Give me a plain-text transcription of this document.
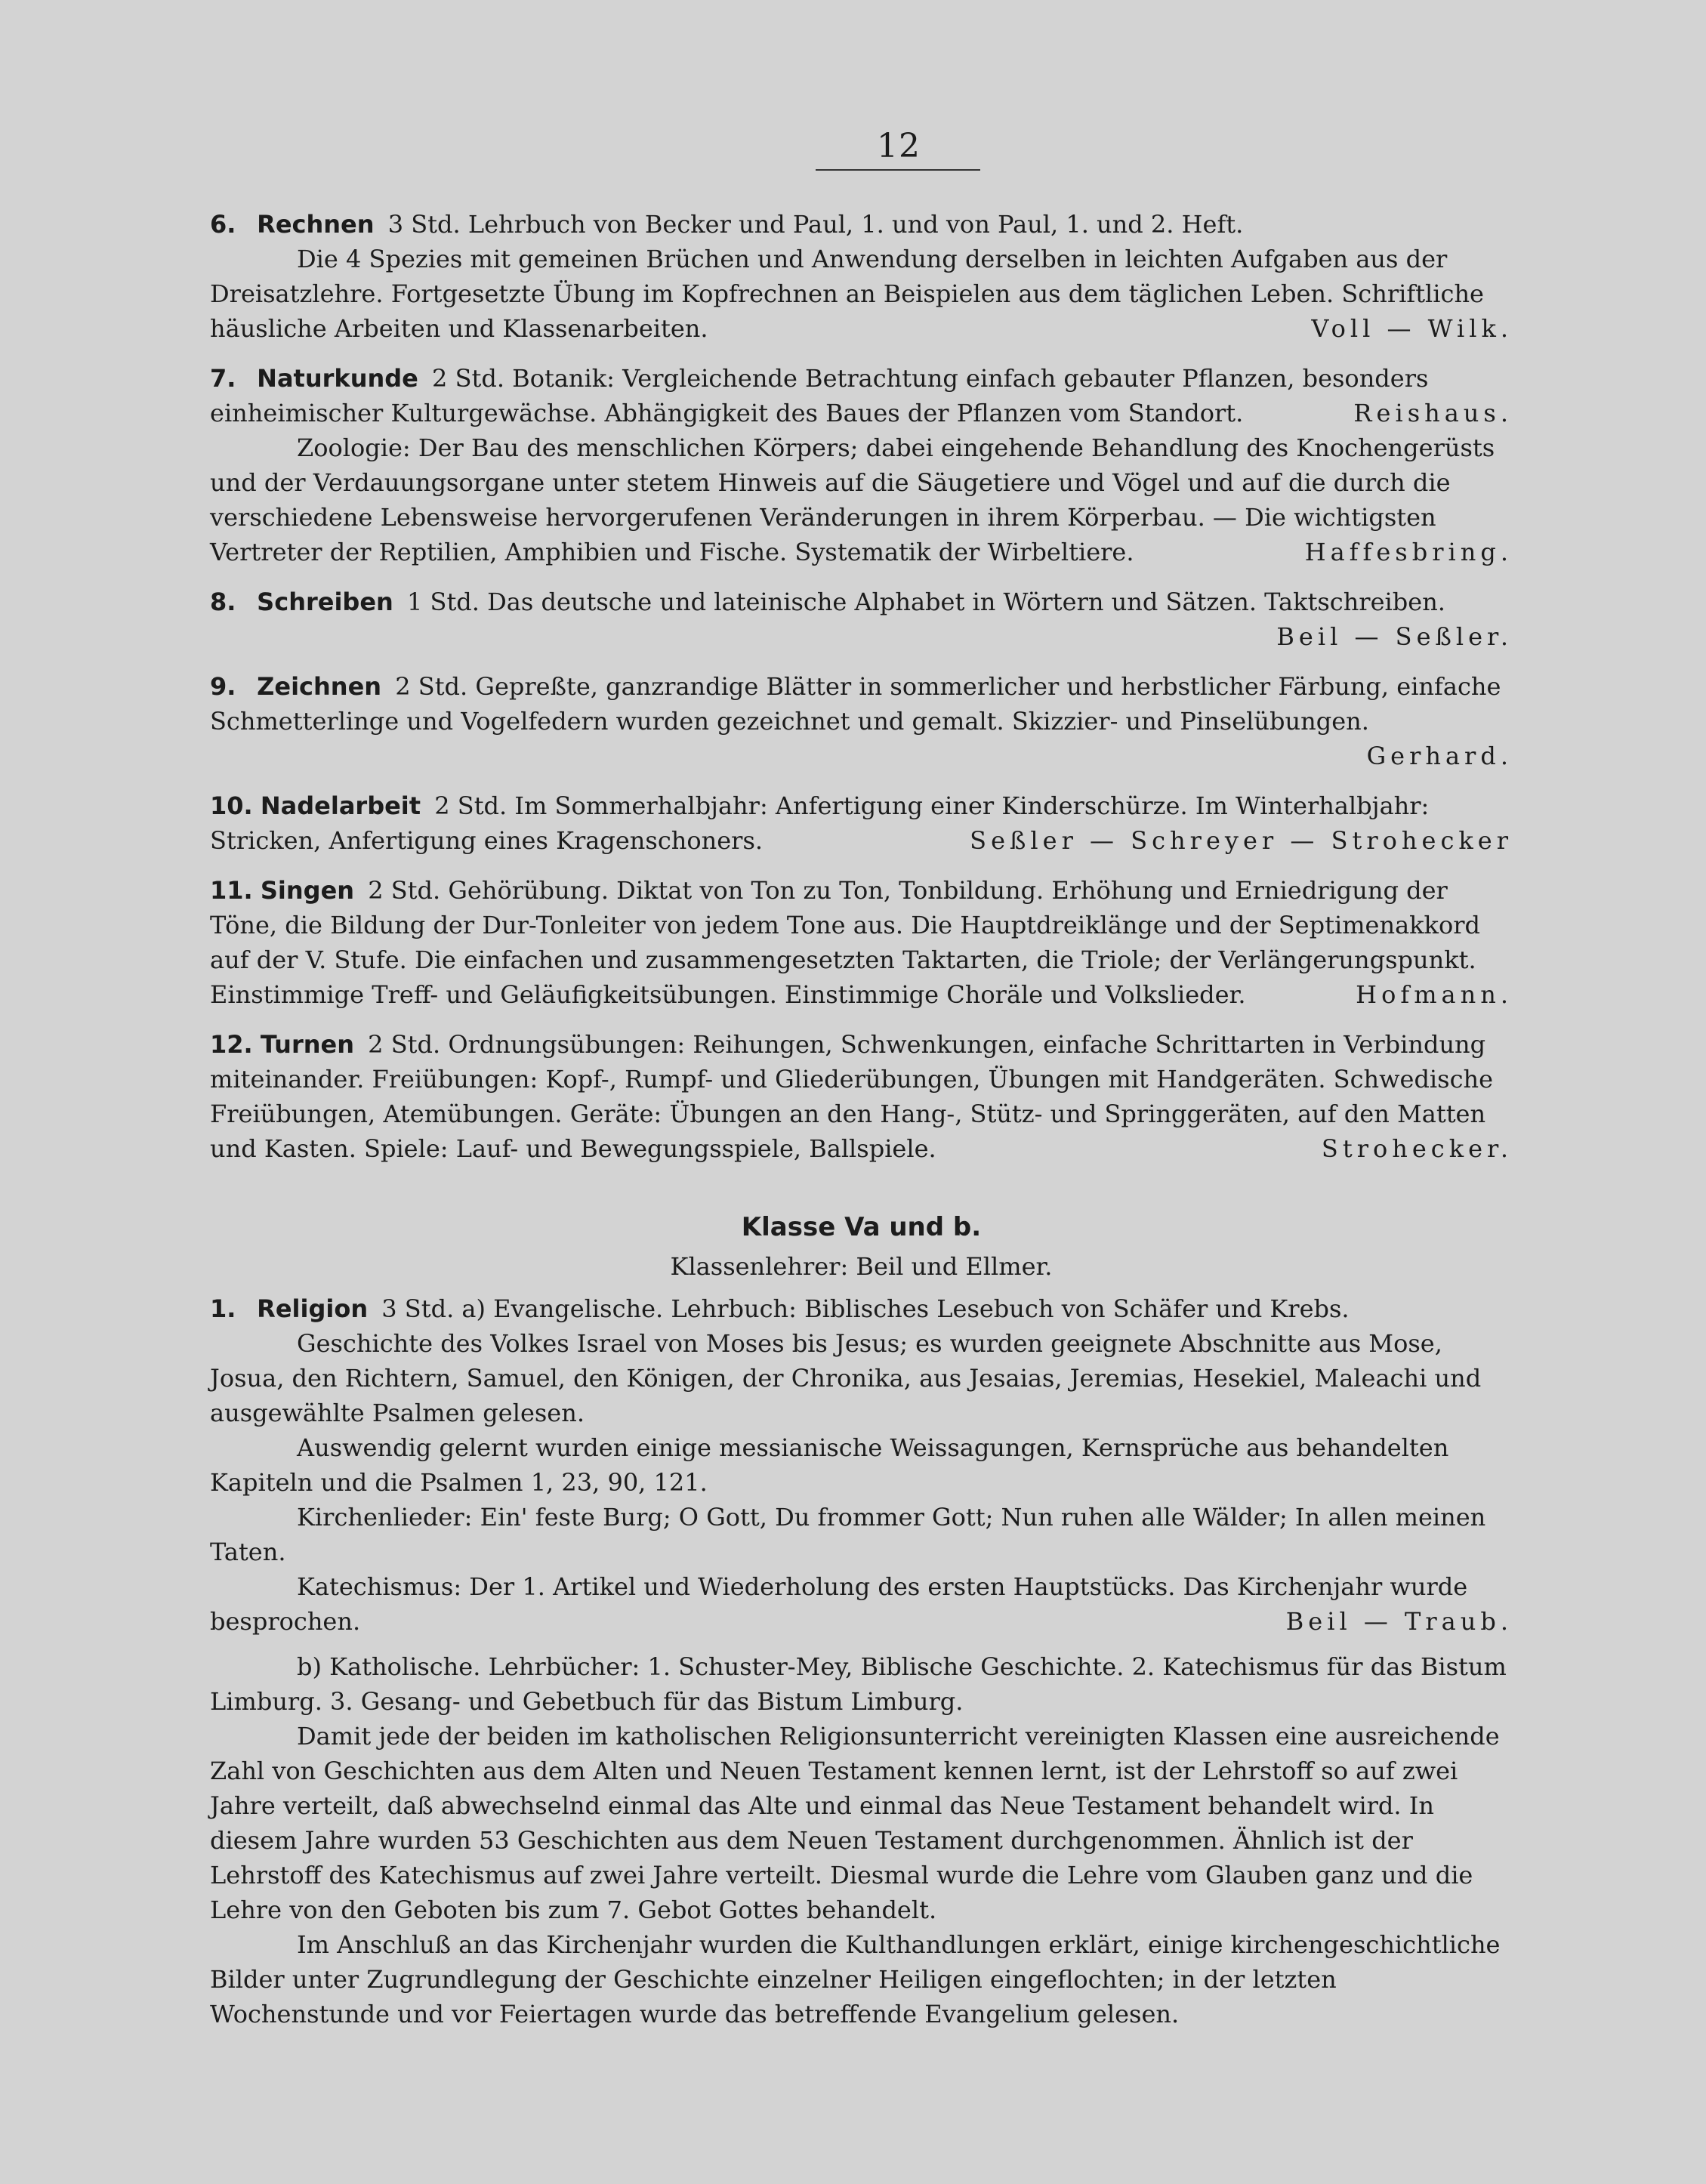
12

6. Rechnen 3 Std. Lehrbuch von Becker und Paul, 1. und von Paul, 1. und 2. Heft.

Die 4 Spezies mit gemeinen Brüchen und Anwendung derselben in leichten Aufgaben aus der Dreisatzlehre. Fortgesetzte Übung im Kopfrechnen an Beispielen aus dem täglichen Leben. Schriftliche häusliche Arbeiten und Klassenarbeiten.	Voll — Wilk.

7. Naturkunde 2 Std. Botanik: Vergleichende Betrachtung einfach gebauter Pflanzen, besonders einheimischer Kulturgewächse. Abhängigkeit des Baues der Pflanzen vom Standort.	Reishaus.

Zoologie: Der Bau des menschlichen Körpers; dabei eingehende Behandlung des Knochengerüsts und der Verdauungsorgane unter stetem Hinweis auf die Säugetiere und Vögel und auf die durch die verschiedene Lebensweise hervorgerufenen Veränderungen in ihrem Körperbau. — Die wichtigsten Vertreter der Reptilien, Amphibien und Fische. Systematik der Wirbeltiere.	Haffesbring.

8. Schreiben 1 Std. Das deutsche und lateinische Alphabet in Wörtern und Sätzen. Taktschreiben.

Beil — Seßler.

9. Zeichnen 2 Std. Gepreßte, ganzrandige Blätter in sommerlicher und herbstlicher Färbung, einfache Schmetterlinge und Vogelfedern wurden gezeichnet und gemalt. Skizzier- und Pinselübungen.
Gerhard.

10. Nadelarbeit 2 Std. Im Sommerhalbjahr: Anfertigung einer Kinderschürze. Im Winterhalbjahr: Stricken, Anfertigung eines Kragenschoners.	Seßler — Schreyer — Strohecker

11. Singen 2 Std. Gehörübung. Diktat von Ton zu Ton, Tonbildung. Erhöhung und Erniedrigung der Töne, die Bildung der Dur-Tonleiter von jedem Tone aus. Die Hauptdreiklänge und der Septimenakkord auf der V. Stufe. Die einfachen und zusammengesetzten Taktarten, die Triole; der Verlängerungspunkt. Einstimmige Treff- und Geläufigkeitsübungen. Einstimmige Choräle und Volkslieder.	Hofmann.

12. Turnen 2 Std. Ordnungsübungen: Reihungen, Schwenkungen, einfache Schrittarten in Verbindung miteinander. Freiübungen: Kopf-, Rumpf- und Gliederübungen, Übungen mit Handgeräten. Schwedische Freiübungen, Atemübungen. Geräte: Übungen an den Hang-, Stütz- und Springgeräten, auf den Matten und Kasten. Spiele: Lauf- und Bewegungsspiele, Ballspiele.	Strohecker.

Klasse Va und b.
Klassenlehrer: Beil und Ellmer.

1. Religion 3 Std. a) Evangelische. Lehrbuch: Biblisches Lesebuch von Schäfer und Krebs.

Geschichte des Volkes Israel von Moses bis Jesus; es wurden geeignete Abschnitte aus Mose, Josua, den Richtern, Samuel, den Königen, der Chronika, aus Jesaias, Jeremias, Hesekiel, Maleachi und ausgewählte Psalmen gelesen.

Auswendig gelernt wurden einige messianische Weissagungen, Kernsprüche aus behandelten Kapiteln und die Psalmen 1, 23, 90, 121.

Kirchenlieder: Ein' feste Burg; O Gott, Du frommer Gott; Nun ruhen alle Wälder; In allen meinen Taten.

Katechismus: Der 1. Artikel und Wiederholung des ersten Hauptstücks. Das Kirchenjahr wurde besprochen.	Beil — Traub.

b) Katholische. Lehrbücher: 1. Schuster-Mey, Biblische Geschichte. 2. Katechismus für das Bistum Limburg. 3. Gesang- und Gebetbuch für das Bistum Limburg.

Damit jede der beiden im katholischen Religionsunterricht vereinigten Klassen eine ausreichende Zahl von Geschichten aus dem Alten und Neuen Testament kennen lernt, ist der Lehrstoff so auf zwei Jahre verteilt, daß abwechselnd einmal das Alte und einmal das Neue Testament behandelt wird. In diesem Jahre wurden 53 Geschichten aus dem Neuen Testament durchgenommen. Ähnlich ist der Lehrstoff des Katechismus auf zwei Jahre verteilt. Diesmal wurde die Lehre vom Glauben ganz und die Lehre von den Geboten bis zum 7. Gebot Gottes behandelt.

Im Anschluß an das Kirchenjahr wurden die Kulthandlungen erklärt, einige kirchengeschichtliche Bilder unter Zugrundlegung der Geschichte einzelner Heiligen eingeflochten; in der letzten Wochenstunde und vor Feiertagen wurde das betreffende Evangelium gelesen.
